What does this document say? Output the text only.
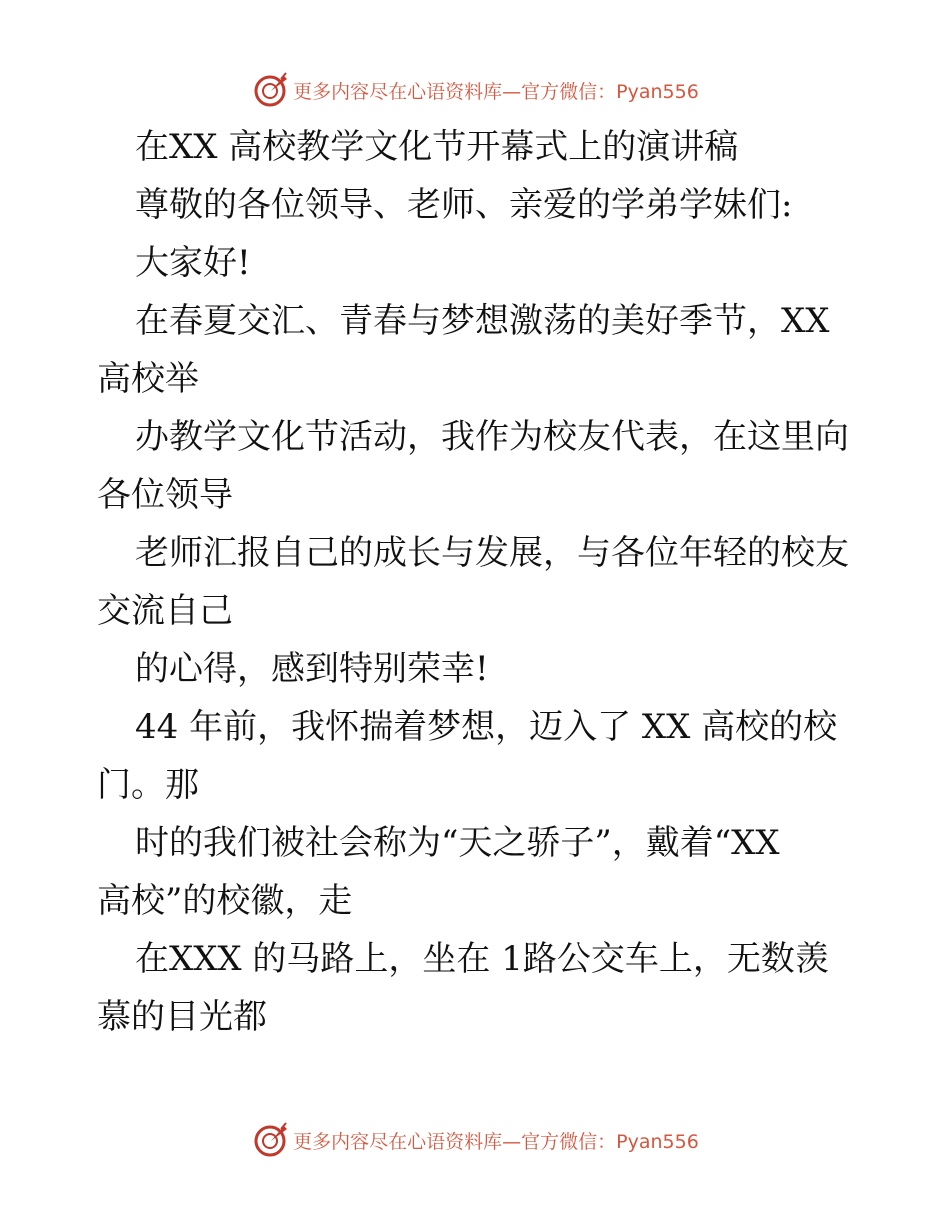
更多内容尽在心语资料库—官方微信：Pyan556

在XX 高校教学文化节开幕式上的演讲稿

尊敬的各位领导、老师、亲爱的学弟学妹们:

大家好!

在春夏交汇、青春与梦想激荡的美好季节，XX

高校举

办教学文化节活动，我作为校友代表，在这里向

各位领导

老师汇报自己的成长与发展，与各位年轻的校友

交流自己

的心得，感到特别荣幸!

44 年前，我怀揣着梦想，迈入了 XX 高校的校

门。那

时的我们被社会称为“天之骄子”，戴着“XX

高校”的校徽，走

在XXX 的马路上，坐在 1路公交车上，无数羡

慕的目光都

更多内容尽在心语资料库—官方微信：Pyan556
